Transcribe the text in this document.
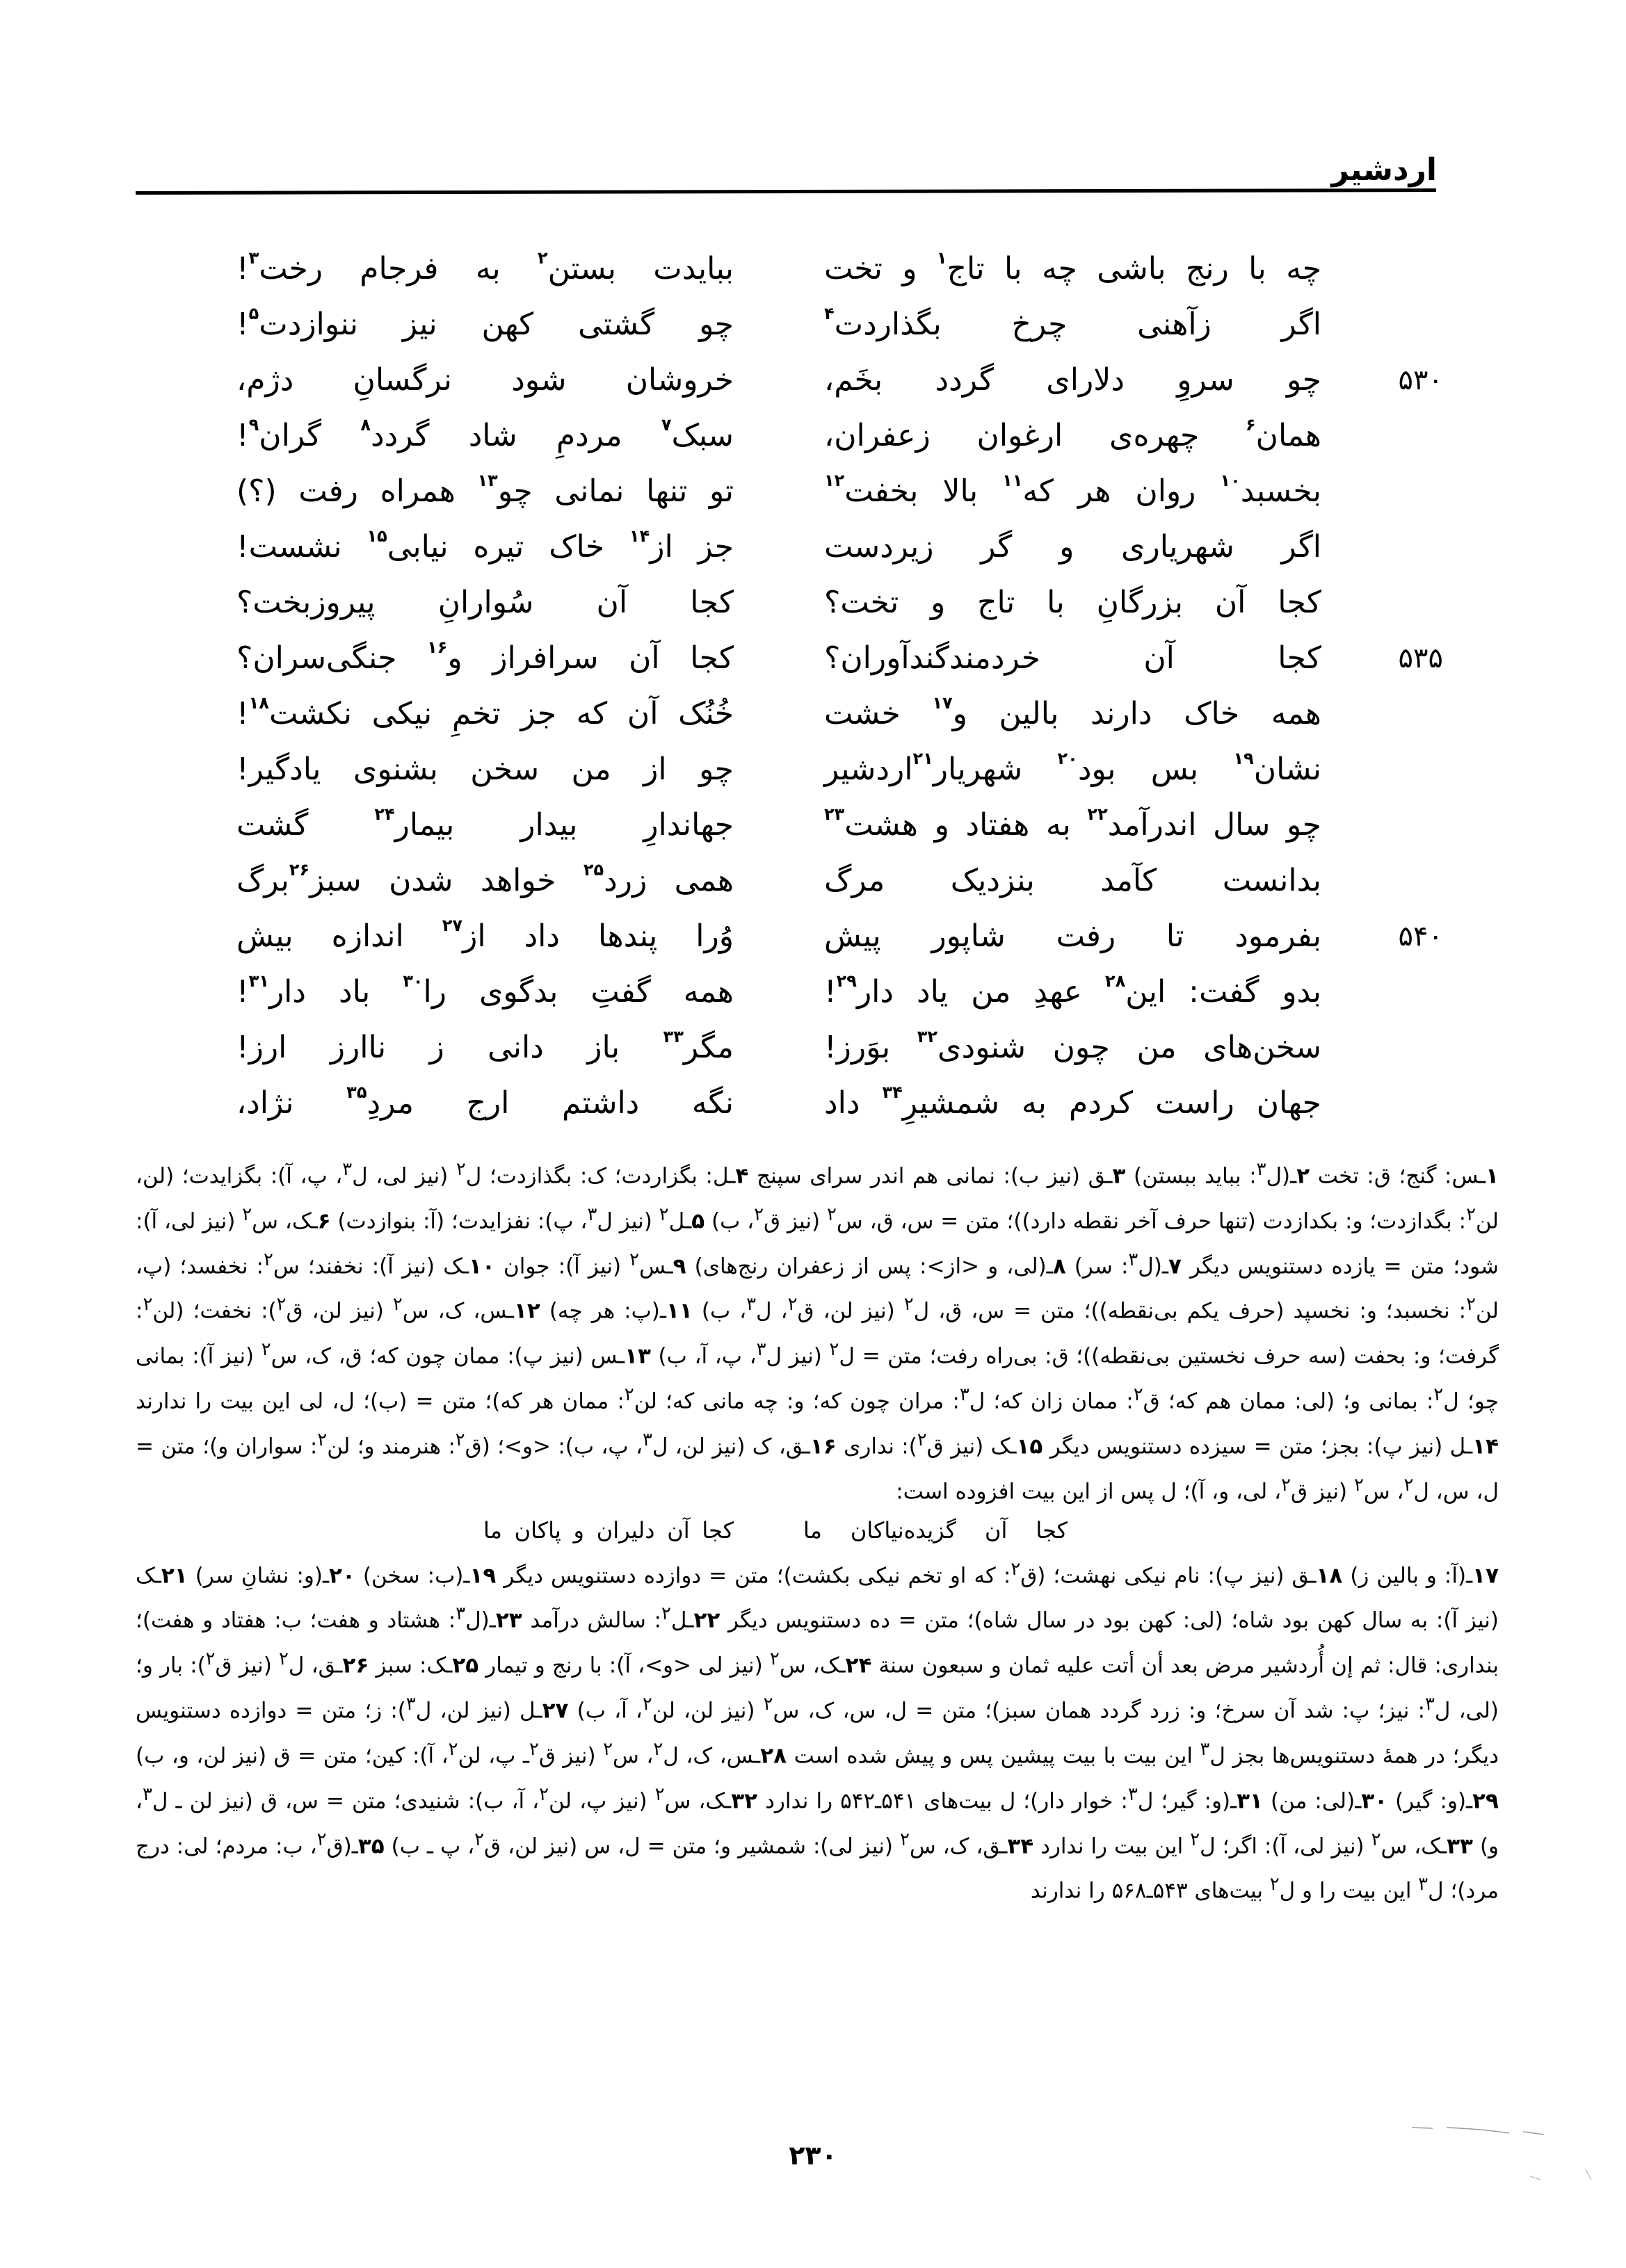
اردشیر
چه با رنج باشی چه با تاج$^۱$ و تخت
ببایدت بستن$^۲$ به فرجام رخت$^۳$!
اگر زآهنی چرخ بگذاردت$^۴$
چو گشتی کهن نیز ننوازدت$^۵$!
چو سروِ دلارای گردد بخَم،
خروشان شود نرگسانِ دژم،	۵۳۰
همان$^۶$ چهره‌ی ارغوان زعفران،
سبک$^۷$ مردمِ شاد گردد$^۸$ گران$^۹$!
بخسبد$^{۱۰}$ روان هر که$^{۱۱}$ بالا بخفت$^{۱۲}$
تو تنها نمانی چو$^{۱۳}$ همراه رفت (؟)
اگر شهریاری و گر زیردست
جز از$^{۱۴}$ خاک تیره نیابی$^{۱۵}$ نشست!
کجا آن بزرگانِ با تاج و تخت؟
کجا آن سُوارانِ پیروزبخت؟
کجا آن خردمندگندآوران؟
کجا آن سرافراز و$^{۱۶}$ جنگی‌سران؟	۵۳۵
همه خاک دارند بالین و$^{۱۷}$ خشت
خُنُک آن که جز تخمِ نیکی نکشت$^{۱۸}$!
نشان$^{۱۹}$ بس بود$^{۲۰}$ شهریار$^{۲۱}$اردشیر
چو از من سخن بشنوی یادگیر!
چو سال اندرآمد$^{۲۲}$ به هفتاد و هشت$^{۲۳}$
جهاندارِ بیدار بیمار$^{۲۴}$ گشت
بدانست کآمد بنزدیک مرگ
همی زرد$^{۲۵}$ خواهد شدن سبز$^{۲۶}$برگ
بفرمود تا رفت شاپور پیش
وُرا پندها داد از$^{۲۷}$ اندازه بیش	۵۴۰
بدو گفت: این$^{۲۸}$ عهدِ من یاد دار$^{۲۹}$!
همه گفتِ بدگوی را$^{۳۰}$ باد دار$^{۳۱}$!
سخن‌های من چون شنودی$^{۳۲}$ بوَرز!
مگر$^{۳۳}$ باز دانی ز ناارز ارز!
جهان راست کردم به شمشیرِ$^{۳۴}$ داد
نگه داشتم ارج مردِ$^{۳۵}$ نژاد،

۱ـس: گنج؛ ق: تخت ۲ـ(ل$^۳$: بباید ببستن) ۳ـق (نیز ب): نمانی هم اندر سرای سپنج ۴ـل: بگزاردت؛ ک: بگذازدت؛ ل$^۲$ (نیز لی، ل$^۳$، پ، آ): بگزایدت؛ (لن، لن$^۲$: بگدازدت؛ و: بکدازدت (تنها حرف آخر نقطه دارد))؛ متن = س، ق، س$^۲$ (نیز ق$^۲$، ب) ۵ـل$^۲$ (نیز ل$^۳$، پ): نفزایدت؛ (آ: بنوازدت) ۶ـک، س$^۲$ (نیز لی، آ): شود؛ متن = یازده دستنویس دیگر ۷ـ(ل$^۳$: سر) ۸ـ(لی، و <از>: پس از زعفران رنج‌های) ۹ـس$^۲$ (نیز آ): جوان ۱۰ـک (نیز آ): نخفند؛ س$^۲$: نخفسد؛ (پ، لن$^۲$: نخسبد؛ و: نخسپد (حرف یکم بی‌نقطه))؛ متن = س، ق، ل$^۲$ (نیز لن، ق$^۲$، ل$^۳$، ب) ۱۱ـ(پ: هر چه) ۱۲ـس، ک، س$^۲$ (نیز لن، ق$^۲$): نخفت؛ (لن$^۲$: گرفت؛ و: بحفت (سه حرف نخستین بی‌نقطه))؛ ق: بی‌راه رفت؛ متن = ل$^۲$ (نیز ل$^۳$، پ، آ، ب) ۱۳ـس (نیز پ): ممان چون که؛ ق، ک، س$^۲$ (نیز آ): بمانی چو؛ ل$^۲$: بمانی و؛ (لی: ممان هم که؛ ق$^۲$: ممان زان که؛ ل$^۳$: مران چون که؛ و: چه مانی که؛ لن$^۲$: ممان هر که)؛ متن = (ب)؛ ل، لی این بیت را ندارند ۱۴ـل (نیز پ): بجز؛ متن = سیزده دستنویس دیگر ۱۵ـک (نیز ق$^۲$): نداری ۱۶ـق، ک (نیز لن، ل$^۳$، پ، ب): <و>؛ (ق$^۲$: هنرمند و؛ لن$^۲$: سواران و)؛ متن = ل، س، ل$^۲$، س$^۲$ (نیز ق$^۲$، لی، و، آ)؛ ل پس از این بیت افزوده است:

کجا آن گزیده‌نیاکان ما
کجا آن دلیران و پاکان ما

۱۷ـ(آ: و بالین ز) ۱۸ـق (نیز پ): نام نیکی نهشت؛ (ق$^۲$: که او تخم نیکی بکشت)؛ متن = دوازده دستنویس دیگر ۱۹ـ(ب: سخن) ۲۰ـ(و: نشانِ سر) ۲۱ـک (نیز آ): به سال کهن بود شاه؛ (لی: کهن بود در سال شاه)؛ متن = ده دستنویس دیگر ۲۲ـل$^۲$: سالش درآمد ۲۳ـ(ل$^۳$: هشتاد و هفت؛ ب: هفتاد و هفت)؛ بنداری: قال: ثم إن أُردشیر مرض بعد أن أتت علیه ثمان و سبعون سنة ۲۴ـک، س$^۲$ (نیز لی <و>، آ): با رنج و تیمار ۲۵ـک: سبز ۲۶ـق، ل$^۲$ (نیز ق$^۲$): بار و؛ (لی، ل$^۳$: نیز؛ پ: شد آن سرخ؛ و: زرد گردد همان سبز)؛ متن = ل، س، ک، س$^۲$ (نیز لن، لن$^۲$، آ، ب) ۲۷ـل (نیز لن، ل$^۳$): ز؛ متن = دوازده دستنویس دیگر؛ در همهٔ دستنویس‌ها بجز ل$^۳$ این بیت با بیت پیشین پس و پیش شده است ۲۸ـس، ک، ل$^۲$، س$^۲$ (نیز ق$^۲$ـ پ، لن$^۲$، آ): کین؛ متن = ق (نیز لن، و، ب) ۲۹ـ(و: گیر) ۳۰ـ(لی: من) ۳۱ـ(و: گیر؛ ل$^۳$: خوار دار)؛ ل بیت‌های ۵۴۱ـ۵۴۲ را ندارد ۳۲ـک، س$^۲$ (نیز پ، لن$^۲$، آ، ب): شنیدی؛ متن = س، ق (نیز لن ـ ل$^۳$، و) ۳۳ـک، س$^۲$ (نیز لی، آ): اگر؛ ل$^۲$ این بیت را ندارد ۳۴ـق، ک، س$^۲$ (نیز لی): شمشیر و؛ متن = ل، س (نیز لن، ق$^۲$، پ ـ ب) ۳۵ـ(ق$^۲$، ب: مردم؛ لی: درج مرد)؛ ل$^۳$ این بیت را و ل$^۲$ بیت‌های ۵۴۳ـ۵۶۸ را ندارند

۲۳۰
